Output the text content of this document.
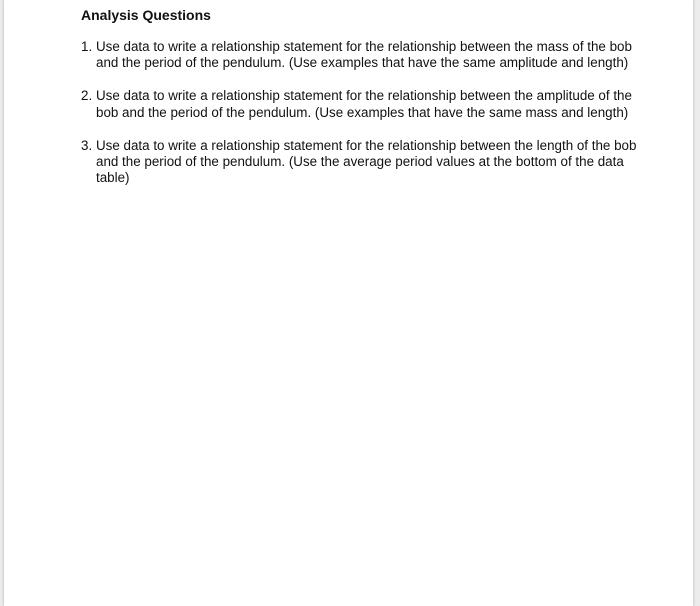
Analysis Questions
1. Use data to write a relationship statement for the relationship between the mass of the bob and the period of the pendulum. (Use examples that have the same amplitude and length)
2. Use data to write a relationship statement for the relationship between the amplitude of the bob and the period of the pendulum. (Use examples that have the same mass and length)
3. Use data to write a relationship statement for the relationship between the length of the bob and the period of the pendulum. (Use the average period values at the bottom of the data table)
